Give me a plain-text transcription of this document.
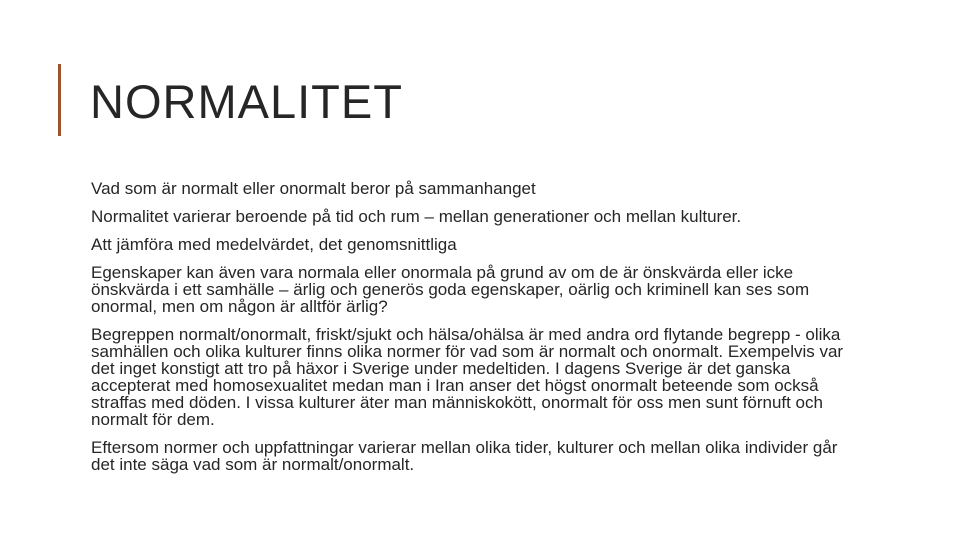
NORMALITET
Vad som är normalt eller onormalt beror på sammanhanget
Normalitet varierar beroende på tid och rum – mellan generationer och mellan kulturer.
Att jämföra med medelvärdet, det genomsnittliga
Egenskaper kan även vara normala eller onormala på grund av om de är önskvärda eller icke önskvärda i ett samhälle – ärlig och generös goda egenskaper, oärlig och kriminell kan ses som onormal, men om någon är alltför ärlig?
Begreppen normalt/onormalt, friskt/sjukt och hälsa/ohälsa är med andra ord flytande begrepp - olika samhällen och olika kulturer finns olika normer för vad som är normalt och onormalt. Exempelvis var det inget konstigt att tro på häxor i Sverige under medeltiden. I dagens Sverige är det ganska accepterat med homosexualitet medan man i Iran anser det högst onormalt beteende som också straffas med döden. I vissa kulturer äter man människokött, onormalt för oss men sunt förnuft och normalt för dem.
Eftersom normer och uppfattningar varierar mellan olika tider, kulturer och mellan olika individer går det inte säga vad som är normalt/onormalt.
